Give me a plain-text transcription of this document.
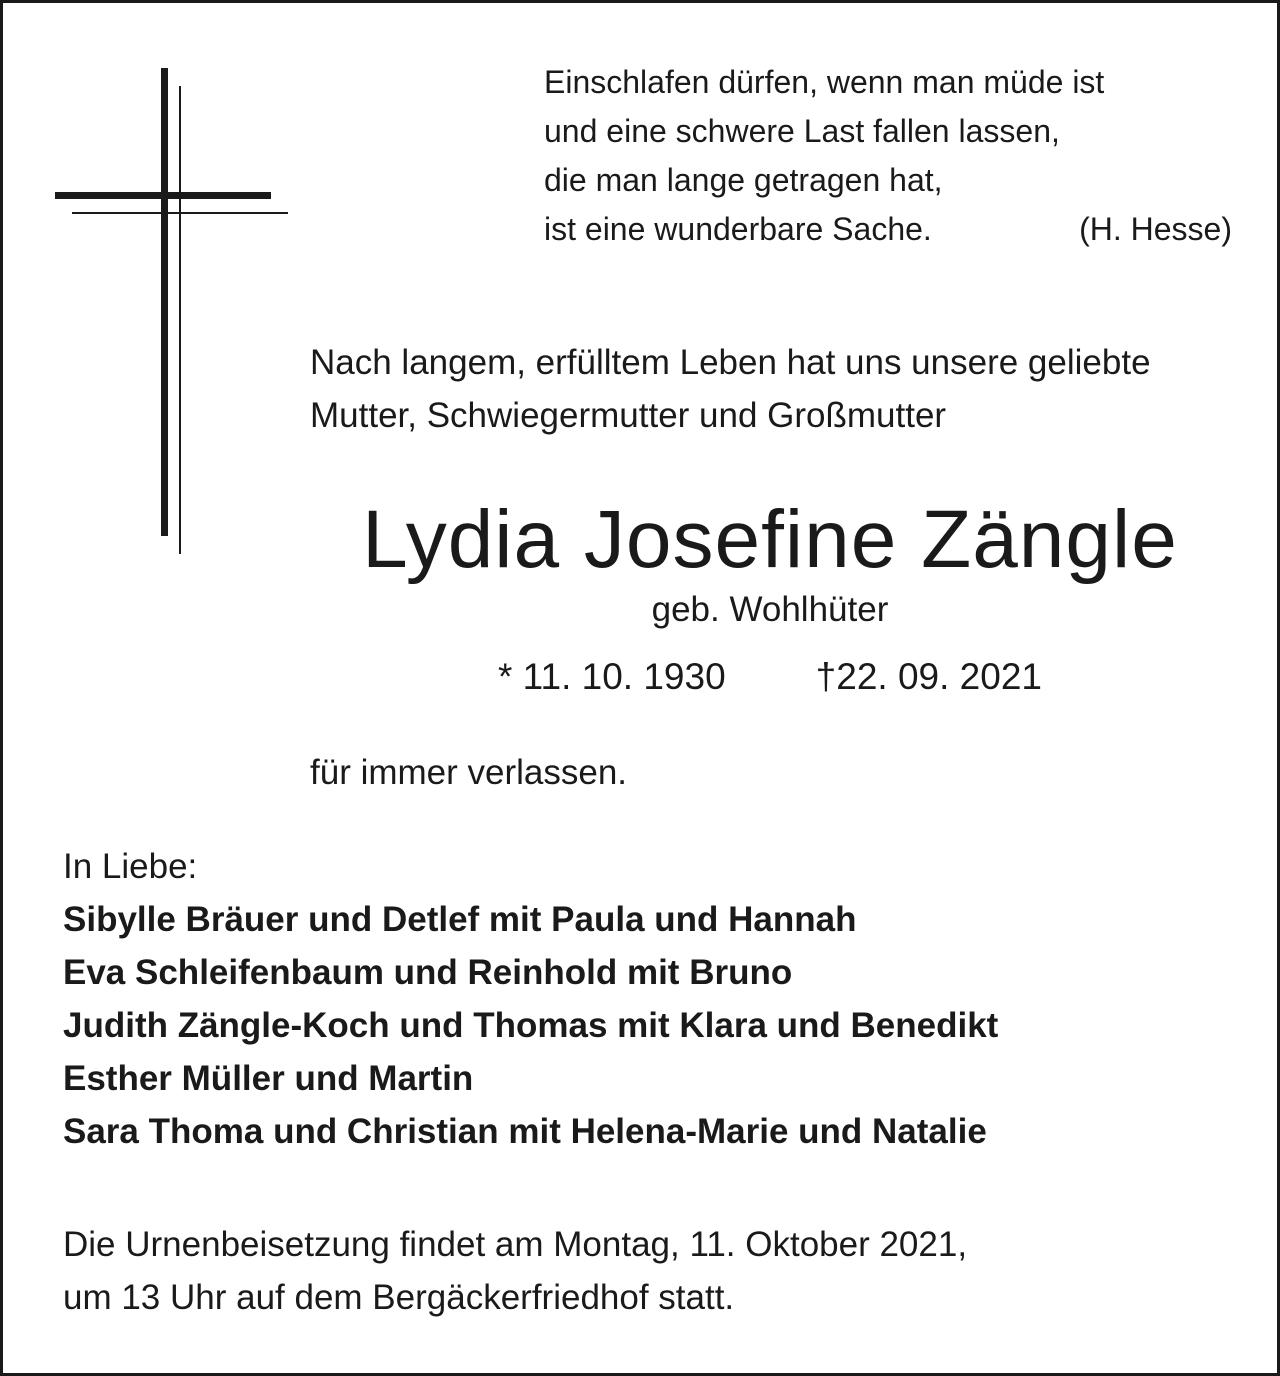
Einschlafen dürfen, wenn man müde ist
und eine schwere Last fallen lassen,
die man lange getragen hat,
ist eine wunderbare Sache.	(H. Hesse)
Nach langem, erfülltem Leben hat uns unsere geliebte
Mutter, Schwiegermutter und Großmutter
Lydia Josefine Zängle
geb. Wohlhüter
* 11. 10. 1930 †22. 09. 2021
für immer verlassen.
In Liebe:
Sibylle Bräuer und Detlef mit Paula und Hannah
Eva Schleifenbaum und Reinhold mit Bruno
Judith Zängle-Koch und Thomas mit Klara und Benedikt
Esther Müller und Martin
Sara Thoma und Christian mit Helena-Marie und Natalie
Die Urnenbeisetzung findet am Montag, 11. Oktober 2021,
um 13 Uhr auf dem Bergäckerfriedhof statt.
